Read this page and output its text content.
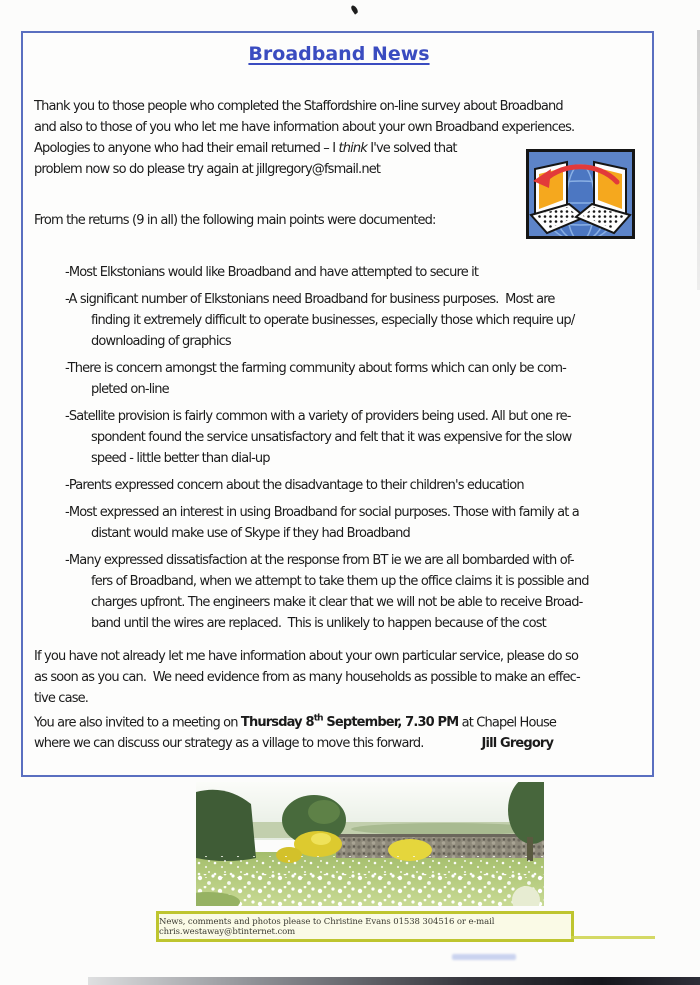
Broadband News
Thank you to those people who completed the Staffordshire on-line survey about Broadband
and also to those of you who let me have information about your own Broadband experiences.
Apologies to anyone who had their email returned – I think I've solved that
problem now so do please try again at jillgregory@fsmail.net
From the returns (9 in all) the following main points were documented:
-Most Elkstonians would like Broadband and have attempted to secure it
-A significant number of Elkstonians need Broadband for business purposes.  Most are
finding it extremely difficult to operate businesses, especially those which require up/
downloading of graphics
-There is concern amongst the farming community about forms which can only be com-
pleted on-line
-Satellite provision is fairly common with a variety of providers being used. All but one re-
spondent found the service unsatisfactory and felt that it was expensive for the slow
speed - little better than dial-up
-Parents expressed concern about the disadvantage to their children's education
-Most expressed an interest in using Broadband for social purposes. Those with family at a
distant would make use of Skype if they had Broadband
-Many expressed dissatisfaction at the response from BT ie we are all bombarded with of-
fers of Broadband, when we attempt to take them up the office claims it is possible and
charges upfront. The engineers make it clear that we will not be able to receive Broad-
band until the wires are replaced.  This is unlikely to happen because of the cost
If you have not already let me have information about your own particular service, please do so
as soon as you can.  We need evidence from as many households as possible to make an effec-
tive case.
You are also invited to a meeting on Thursday 8th September, 7.30 PM at Chapel House
where we can discuss our strategy as a village to move this forward.	Jill Gregory
News, comments and photos please to Christine Evans 01538 304516 or e-mail chris.westaway@btinternet.com
